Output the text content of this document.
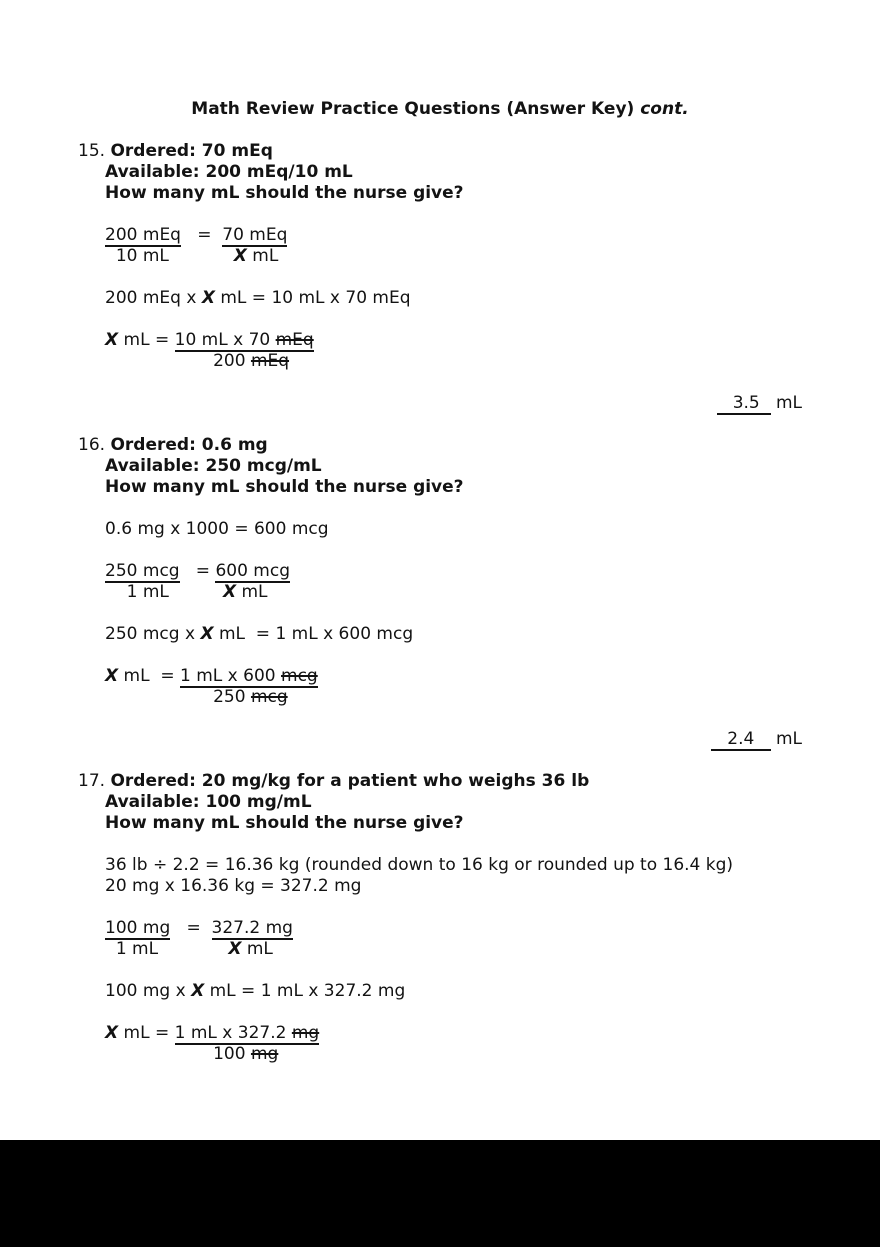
Math Review Practice Questions (Answer Key) cont.
15. Ordered: 70 mEq
Available: 200 mEq/10 mL
How many mL should the nurse give?
200 mEq   =  70 mEq
10 mL            X mL
200 mEq x X mL = 10 mL x 70 mEq
X mL = 10 mL x 70 mEq
200 mEq
3.5   mL
16. Ordered: 0.6 mg
Available: 250 mcg/mL
How many mL should the nurse give?
0.6 mg x 1000 = 600 mcg
250 mcg   = 600 mcg
1 mL          X mL
250 mcg x X mL  = 1 mL x 600 mcg
X mL  = 1 mL x 600 mcg
250 mcg
2.4    mL
17. Ordered: 20 mg/kg for a patient who weighs 36 lb
Available: 100 mg/mL
How many mL should the nurse give?
36 lb ÷ 2.2 = 16.36 kg (rounded down to 16 kg or rounded up to 16.4 kg)
20 mg x 16.36 kg = 327.2 mg
100 mg   =  327.2 mg
1 mL             X mL
100 mg x X mL = 1 mL x 327.2 mg
X mL = 1 mL x 327.2 mg
100 mg
